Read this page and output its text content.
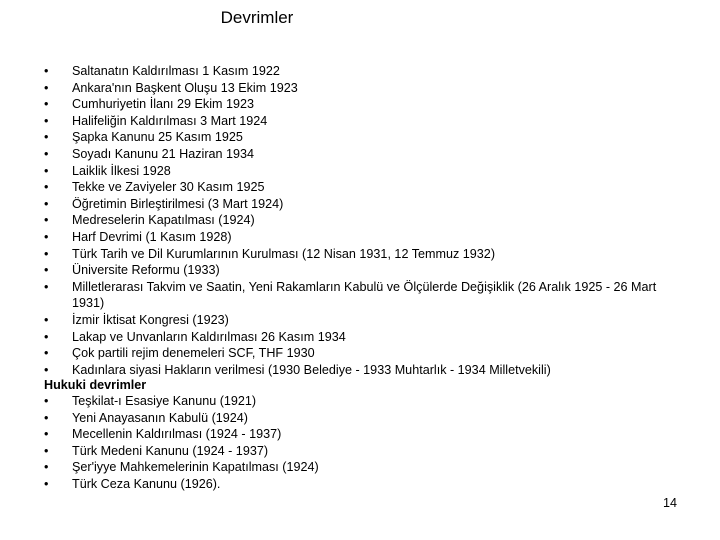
Devrimler
• Saltanatın Kaldırılması 1 Kasım 1922
• Ankara'nın Başkent Oluşu 13 Ekim 1923
• Cumhuriyetin İlanı 29 Ekim 1923
• Halifeliğin Kaldırılması 3 Mart 1924
• Şapka Kanunu 25 Kasım 1925
• Soyadı Kanunu 21 Haziran 1934
• Laiklik İlkesi 1928
• Tekke ve Zaviyeler 30 Kasım 1925
• Öğretimin Birleştirilmesi (3 Mart 1924)
• Medreselerin Kapatılması (1924)
• Harf Devrimi (1 Kasım 1928)
• Türk Tarih ve Dil Kurumlarının Kurulması (12 Nisan 1931, 12 Temmuz 1932)
• Üniversite Reformu (1933)
• Milletlerarası Takvim ve Saatin, Yeni Rakamların Kabulü ve Ölçülerde Değişiklik (26 Aralık 1925 - 26 Mart 1931)
• İzmir İktisat Kongresi (1923)
• Lakap ve Unvanların Kaldırılması 26 Kasım 1934
• Çok partili rejim denemeleri SCF, THF 1930
• Kadınlara siyasi Hakların verilmesi (1930 Belediye - 1933 Muhtarlık - 1934 Milletvekili)
Hukuki devrimler
• Teşkilat-ı Esasiye Kanunu (1921)
• Yeni Anayasanın Kabulü (1924)
• Mecellenin Kaldırılması (1924 - 1937)
• Türk Medeni Kanunu (1924 - 1937)
• Şer'iyye Mahkemelerinin Kapatılması (1924)
• Türk Ceza Kanunu (1926).
14
